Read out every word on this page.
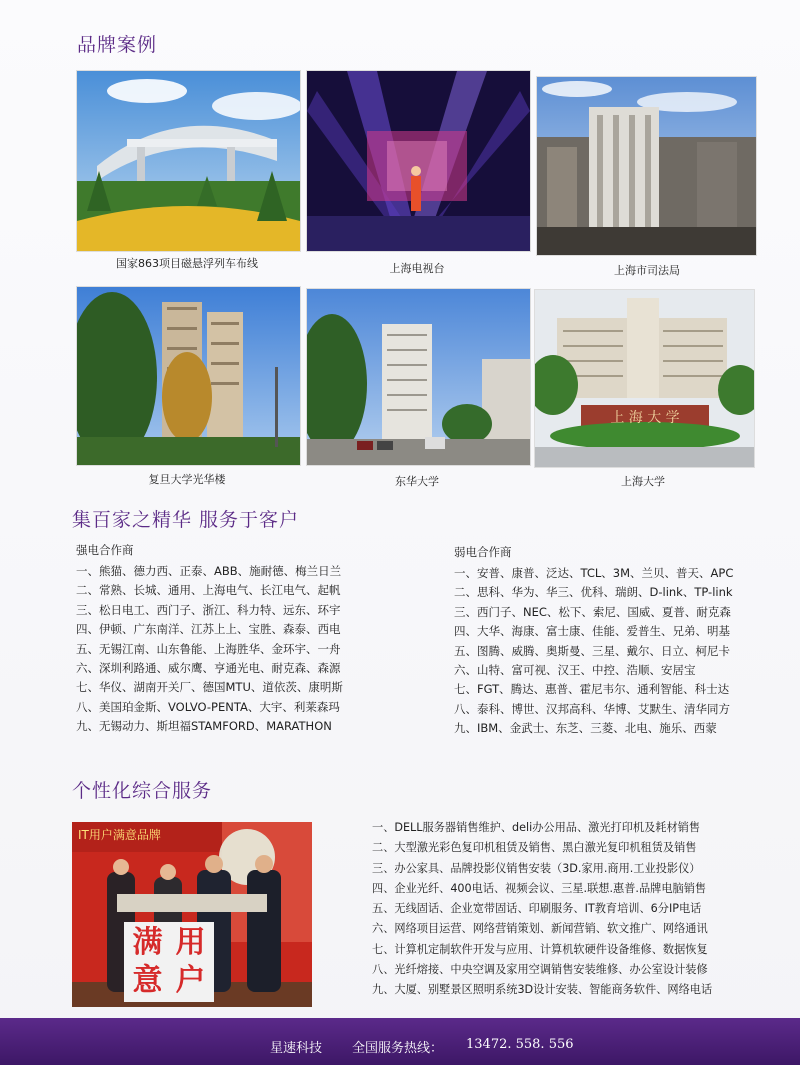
品牌案例
国家863项目磁悬浮列车布线	上海电视台	上海市司法局
复旦大学光华楼	东华大学
上 海 大 学
上海大学
集百家之精华 服务于客户
强电合作商
一、熊猫、德力西、正泰、ABB、施耐德、梅兰日兰
二、常熟、长城、通用、上海电气、长江电气、起帆
三、松日电工、西门子、浙江、科力特、远东、环宇
四、伊顿、广东南洋、江苏上上、宝胜、森泰、西电
五、无锡江南、山东鲁能、上海胜华、金环宇、一舟
六、深圳利路通、威尔鹰、亨通光电、耐克森、森源
七、华仪、湖南开关厂、德国MTU、道依茨、康明斯
八、美国珀金斯、VOLVO-PENTA、大宇、利莱森玛
九、无锡动力、斯坦福STAMFORD、MARATHON
弱电合作商
一、安普、康普、泛达、TCL、3M、兰贝、普天、APC
二、思科、华为、华三、优科、瑞朗、D-link、TP-link
三、西门子、NEC、松下、索尼、国威、夏普、耐克森
四、大华、海康、富士康、佳能、爱普生、兄弟、明基
五、图腾、威腾、奥斯曼、三星、戴尔、日立、柯尼卡
六、山特、富可视、汉王、中控、浩顺、安居宝
七、FGT、腾达、惠普、霍尼韦尔、通利智能、科士达
八、泰科、博世、汉邦高科、华博、艾默生、清华同方
九、IBM、金武士、东芝、三菱、北电、施乐、西蒙
个性化综合服务
IT用户满意品牌
满 用
意 户
一、DELL服务器销售维护、deli办公用品、激光打印机及耗材销售
二、大型激光彩色复印机租赁及销售、黑白激光复印机租赁及销售
三、办公家具、品牌投影仪销售安装（3D.家用.商用.工业投影仪）
四、企业光纤、400电话、视频会议、三星.联想.惠普.品牌电脑销售
五、无线固话、企业宽带固话、印刷服务、IT教育培训、6分IP电话
六、网络项目运营、网络营销策划、新闻营销、软文推广、网络通讯
七、计算机定制软件开发与应用、计算机软硬件设备维修、数据恢复
八、光纤熔接、中央空调及家用空调销售安装维修、办公室设计装修
九、大厦、别墅景区照明系统3D设计安装、智能商务软件、网络电话
星速科技 全国服务热线： 13472. 558. 556
